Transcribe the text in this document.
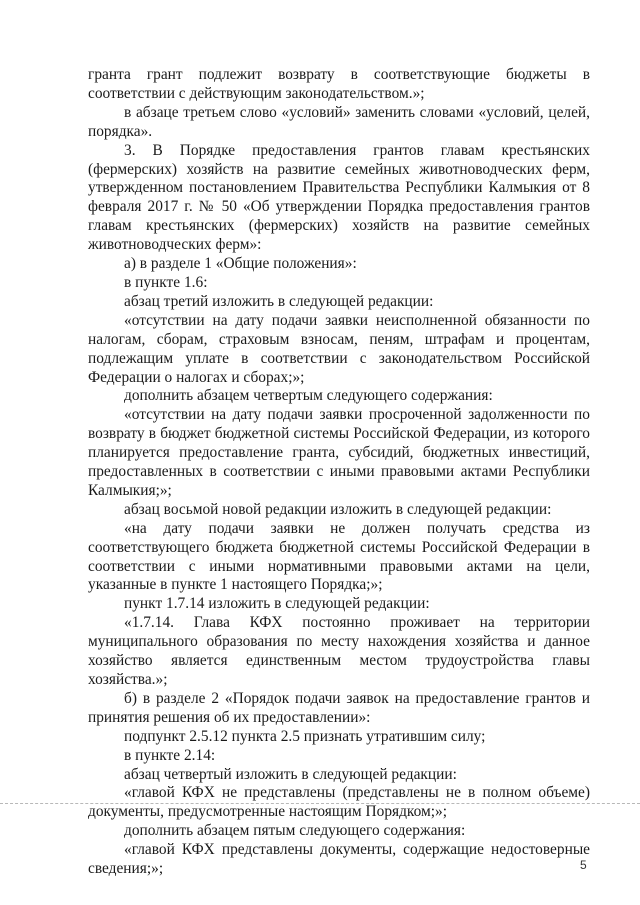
гранта грант подлежит возврату в соответствующие бюджеты в соответствии с действующим законодательством.»;

в абзаце третьем слово «условий» заменить словами «условий, целей, порядка».

3. В Порядке предоставления грантов главам крестьянских (фермерских) хозяйств на развитие семейных животноводческих ферм, утвержденном постановлением Правительства Республики Калмыкия от 8 февраля 2017 г. № 50 «Об утверждении Порядка предоставления грантов главам крестьянских (фермерских) хозяйств на развитие семейных животноводческих ферм»:

а) в разделе 1 «Общие положения»:

в пункте 1.6:

абзац третий изложить в следующей редакции:

«отсутствии на дату подачи заявки неисполненной обязанности по налогам, сборам, страховым взносам, пеням, штрафам и процентам, подлежащим уплате в соответствии с законодательством Российской Федерации о налогах и сборах;»;

дополнить абзацем четвертым следующего содержания:

«отсутствии на дату подачи заявки просроченной задолженности по возврату в бюджет бюджетной системы Российской Федерации, из которого планируется предоставление гранта, субсидий, бюджетных инвестиций, предоставленных в соответствии с иными правовыми актами Республики Калмыкия;»;

абзац восьмой новой редакции изложить в следующей редакции:

«на дату подачи заявки не должен получать средства из соответствующего бюджета бюджетной системы Российской Федерации в соответствии с иными нормативными правовыми актами на цели, указанные в пункте 1 настоящего Порядка;»;

пункт 1.7.14 изложить в следующей редакции:

«1.7.14. Глава КФХ постоянно проживает на территории муниципального образования по месту нахождения хозяйства и данное хозяйство является единственным местом трудоустройства главы хозяйства.»;

б) в разделе 2 «Порядок подачи заявок на предоставление грантов и принятия решения об их предоставлении»:

подпункт 2.5.12 пункта 2.5 признать утратившим силу;

в пункте 2.14:

абзац четвертый изложить в следующей редакции:

«главой КФХ не представлены (представлены не в полном объеме) документы, предусмотренные настоящим Порядком;»;

дополнить абзацем пятым следующего содержания:

«главой КФХ представлены документы, содержащие недостоверные сведения;»;	5
